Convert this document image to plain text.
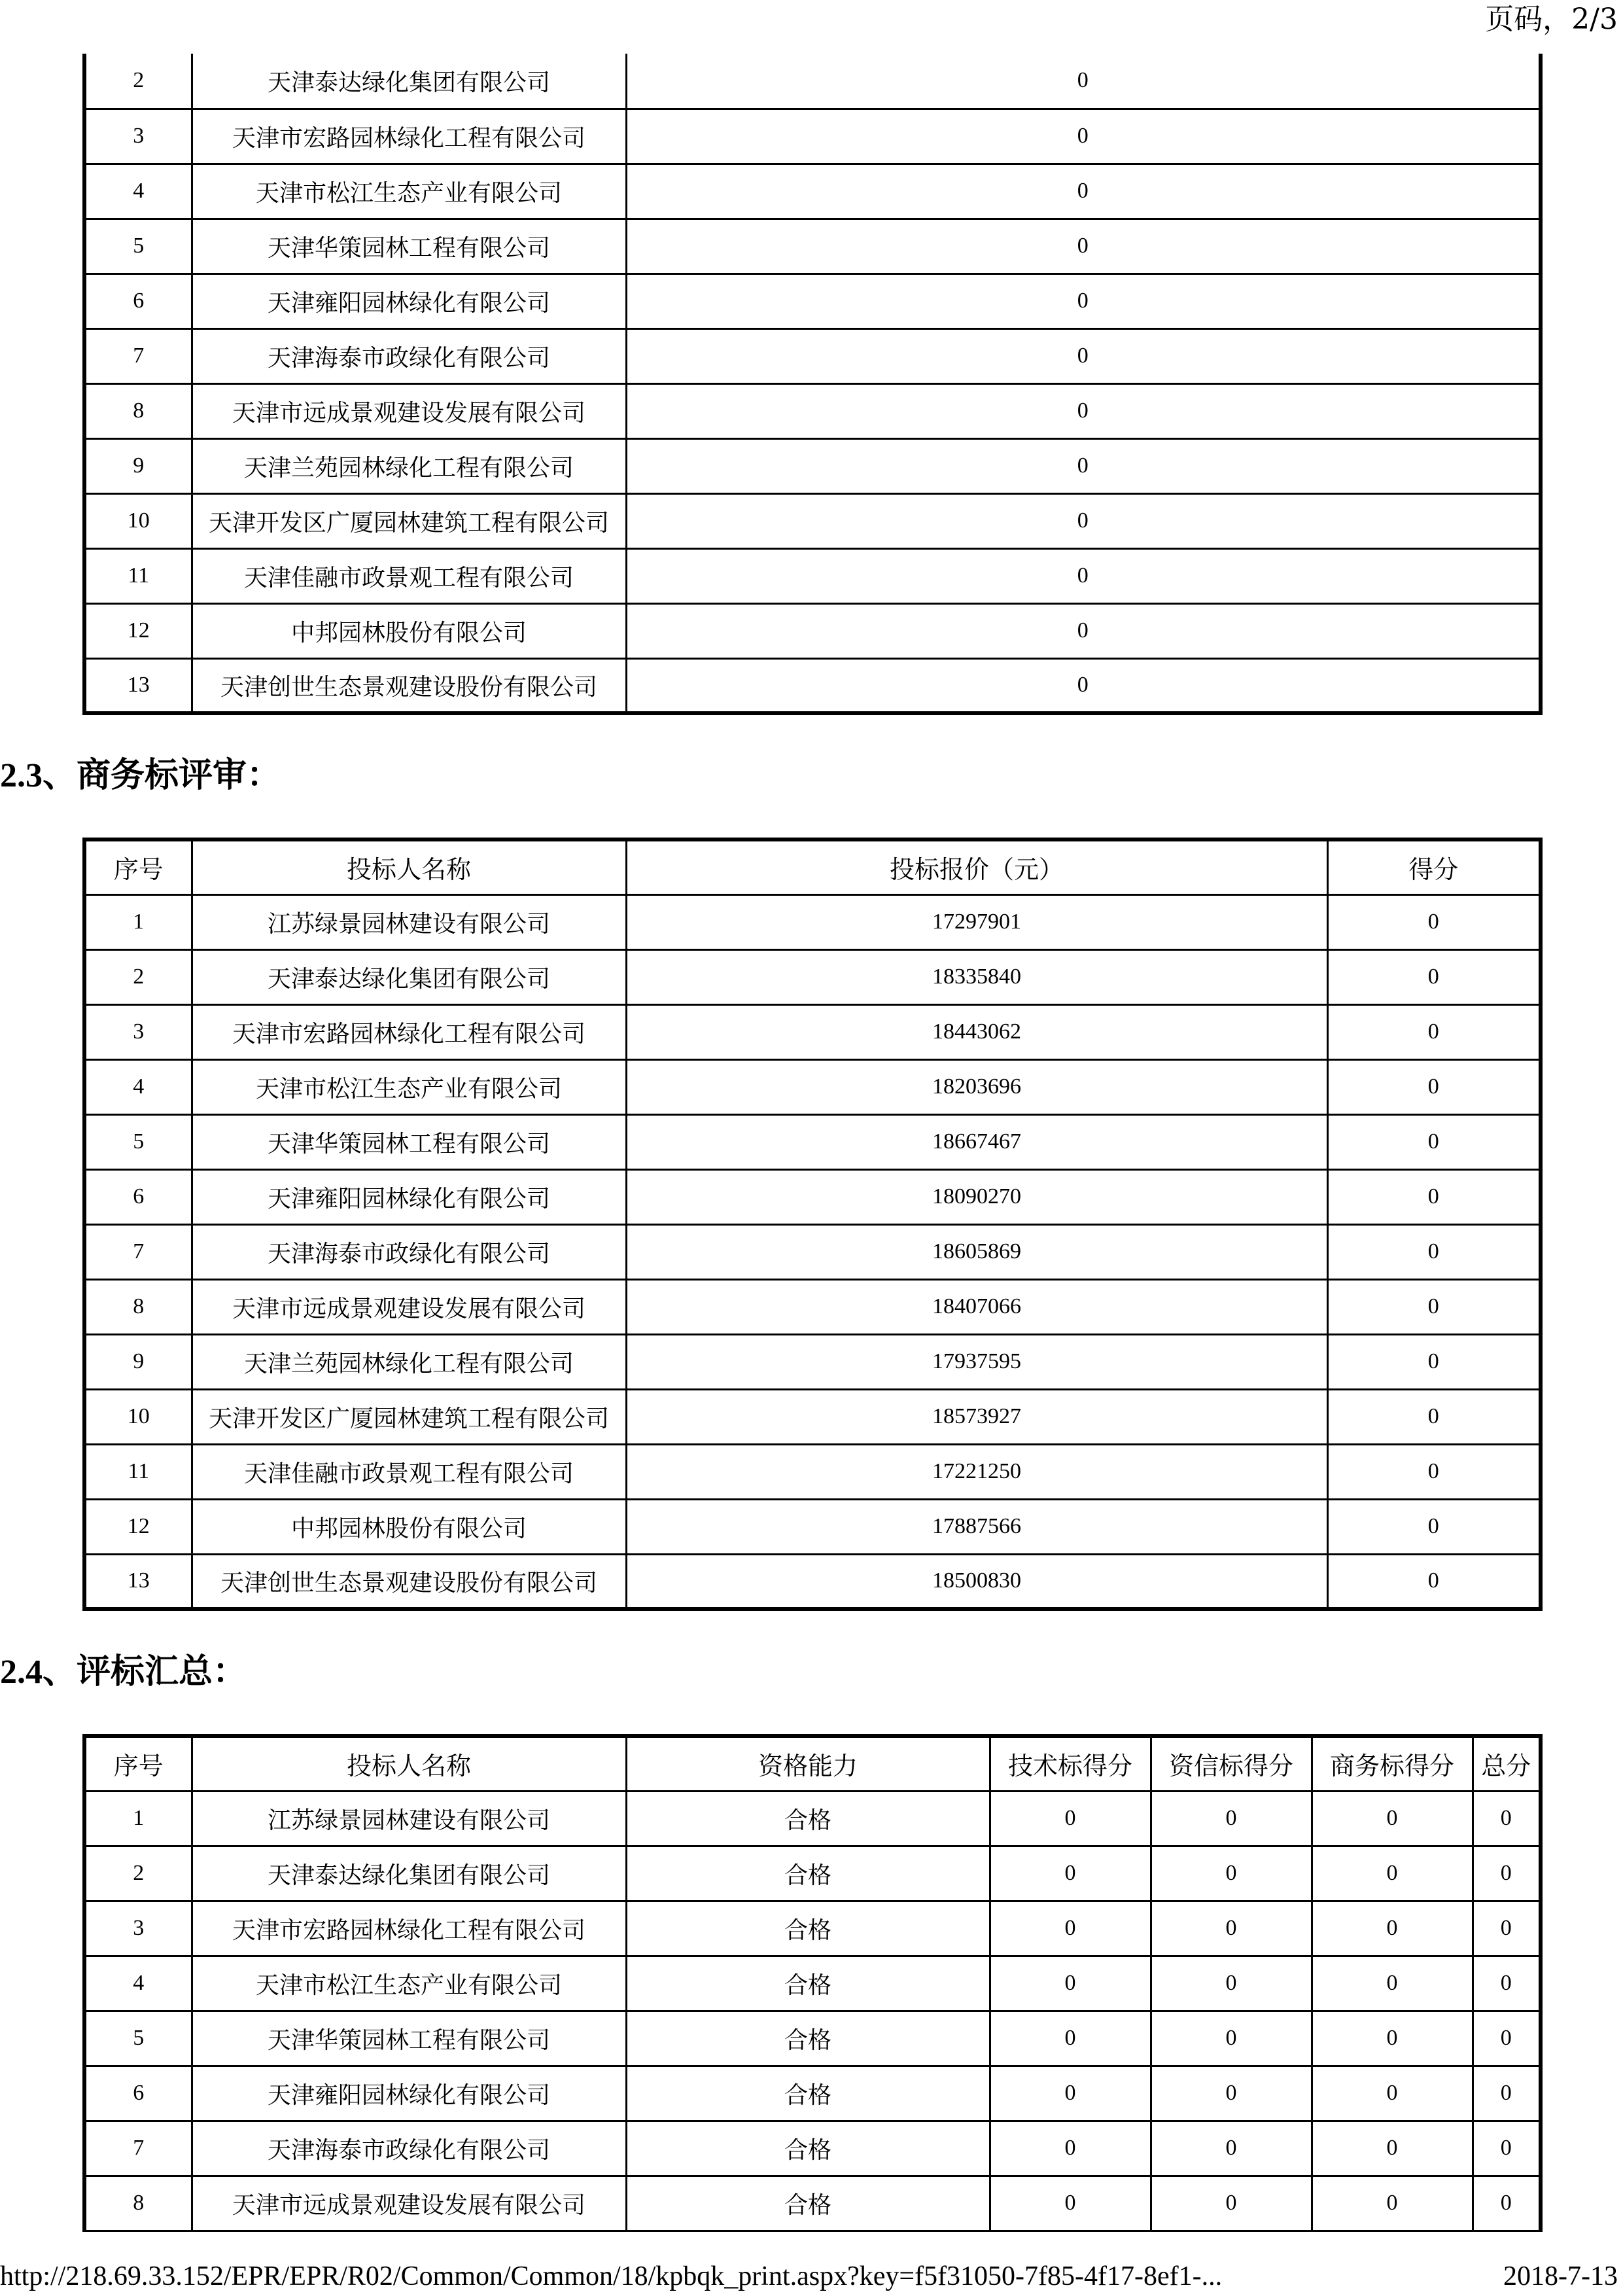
页码，2/3
2	天津泰达绿化集团有限公司	0
3	天津市宏路园林绿化工程有限公司	0
4	天津市松江生态产业有限公司	0
5	天津华策园林工程有限公司	0
6	天津雍阳园林绿化有限公司	0
7	天津海泰市政绿化有限公司	0
8	天津市远成景观建设发展有限公司	0
9	天津兰苑园林绿化工程有限公司	0
10	天津开发区广厦园林建筑工程有限公司	0
11	天津佳融市政景观工程有限公司	0
12	中邦园林股份有限公司	0
13	天津创世生态景观建设股份有限公司	0
2.3、商务标评审：
序号	投标人名称	投标报价（元）	得分
1	江苏绿景园林建设有限公司	17297901	0
2	天津泰达绿化集团有限公司	18335840	0
3	天津市宏路园林绿化工程有限公司	18443062	0
4	天津市松江生态产业有限公司	18203696	0
5	天津华策园林工程有限公司	18667467	0
6	天津雍阳园林绿化有限公司	18090270	0
7	天津海泰市政绿化有限公司	18605869	0
8	天津市远成景观建设发展有限公司	18407066	0
9	天津兰苑园林绿化工程有限公司	17937595	0
10	天津开发区广厦园林建筑工程有限公司	18573927	0
11	天津佳融市政景观工程有限公司	17221250	0
12	中邦园林股份有限公司	17887566	0
13	天津创世生态景观建设股份有限公司	18500830	0
2.4、评标汇总：
序号	投标人名称	资格能力	技术标得分	资信标得分	商务标得分	总分
1	江苏绿景园林建设有限公司	合格	0	0	0	0
2	天津泰达绿化集团有限公司	合格	0	0	0	0
3	天津市宏路园林绿化工程有限公司	合格	0	0	0	0
4	天津市松江生态产业有限公司	合格	0	0	0	0
5	天津华策园林工程有限公司	合格	0	0	0	0
6	天津雍阳园林绿化有限公司	合格	0	0	0	0
7	天津海泰市政绿化有限公司	合格	0	0	0	0
8	天津市远成景观建设发展有限公司	合格	0	0	0	0
http://218.69.33.152/EPR/EPR/R02/Common/Common/18/kpbqk_print.aspx?key=f5f31050-7f85-4f17-8ef1-...	2018-7-13
